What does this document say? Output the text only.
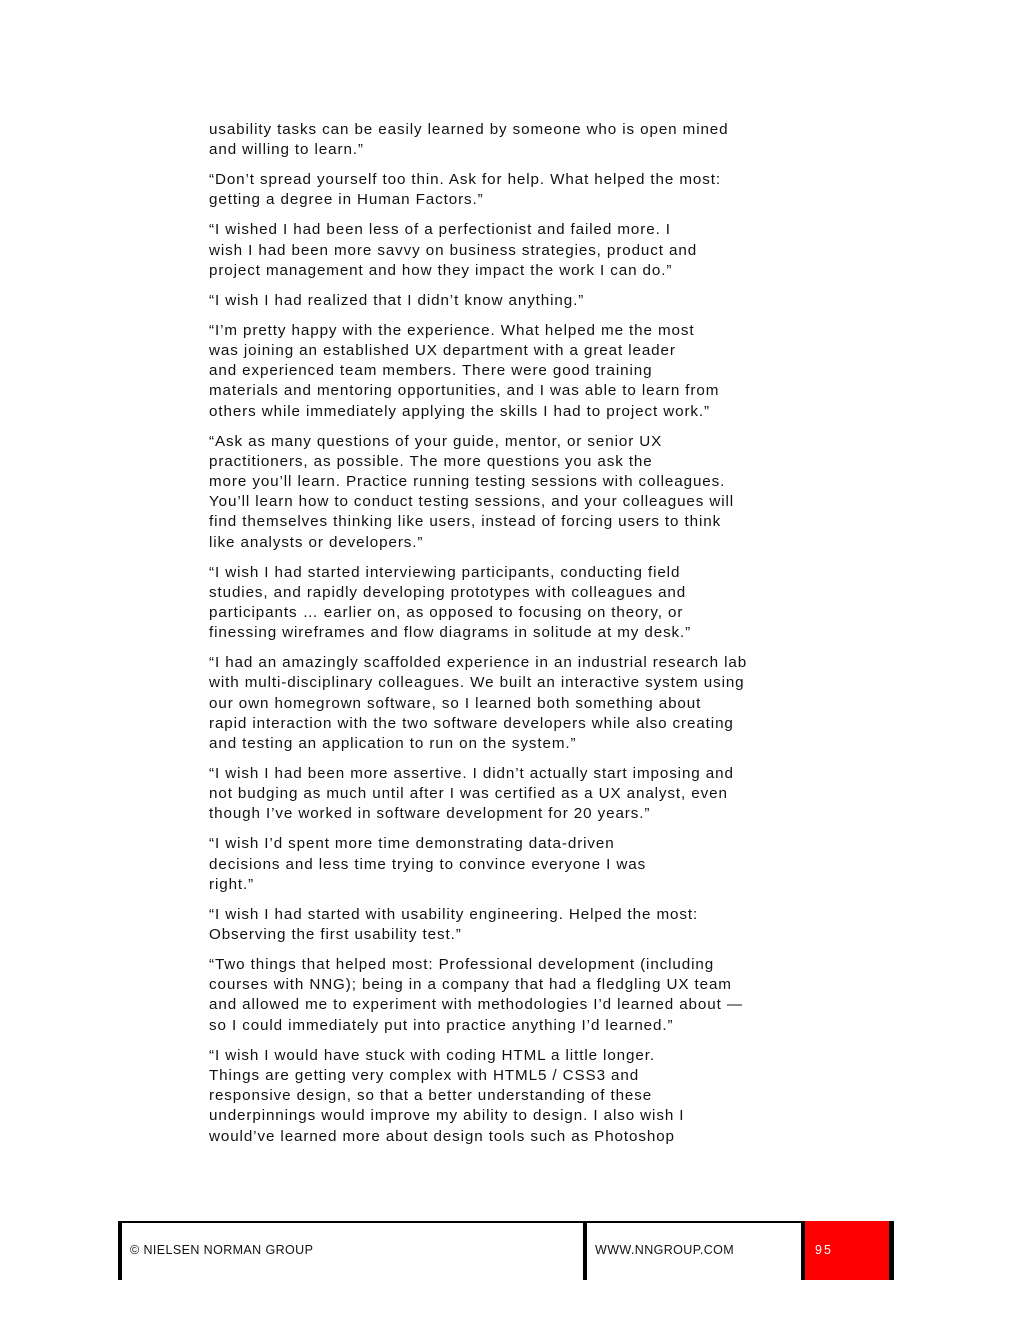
usability tasks can be easily learned by someone who is open mined
and willing to learn.”

“Don’t spread yourself too thin. Ask for help. What helped the most:
getting a degree in Human Factors.”

“I wished I had been less of a perfectionist and failed more. I
wish I had been more savvy on business strategies, product and
project management and how they impact the work I can do.”

“I wish I had realized that I didn’t know anything.”

“I’m pretty happy with the experience. What helped me the most
was joining an established UX department with a great leader
and experienced team members. There were good training
materials and mentoring opportunities, and I was able to learn from
others while immediately applying the skills I had to project work.”

“Ask as many questions of your guide, mentor, or senior UX
practitioners, as possible. The more questions you ask the
more you’ll learn. Practice running testing sessions with colleagues.
You’ll learn how to conduct testing sessions, and your colleagues will
find themselves thinking like users, instead of forcing users to think
like analysts or developers.”

“I wish I had started interviewing participants, conducting field
studies, and rapidly developing prototypes with colleagues and
participants … earlier on, as opposed to focusing on theory, or
finessing wireframes and flow diagrams in solitude at my desk.”

“I had an amazingly scaffolded experience in an industrial research lab
with multi-disciplinary colleagues. We built an interactive system using
our own homegrown software, so I learned both something about
rapid interaction with the two software developers while also creating
and testing an application to run on the system.”

“I wish I had been more assertive. I didn’t actually start imposing and
not budging as much until after I was certified as a UX analyst, even
though I’ve worked in software development for 20 years.”

“I wish I’d spent more time demonstrating data-driven
decisions and less time trying to convince everyone I was
right.”

“I wish I had started with usability engineering. Helped the most:
Observing the first usability test.”

“Two things that helped most: Professional development (including
courses with NNG); being in a company that had a fledgling UX team
and allowed me to experiment with methodologies I’d learned about —
so I could immediately put into practice anything I’d learned.”

“I wish I would have stuck with coding HTML a little longer.
Things are getting very complex with HTML5 / CSS3 and
responsive design, so that a better understanding of these
underpinnings would improve my ability to design. I also wish I
would’ve learned more about design tools such as Photoshop

© NIELSEN NORMAN GROUP	WWW.NNGROUP.COM	95
